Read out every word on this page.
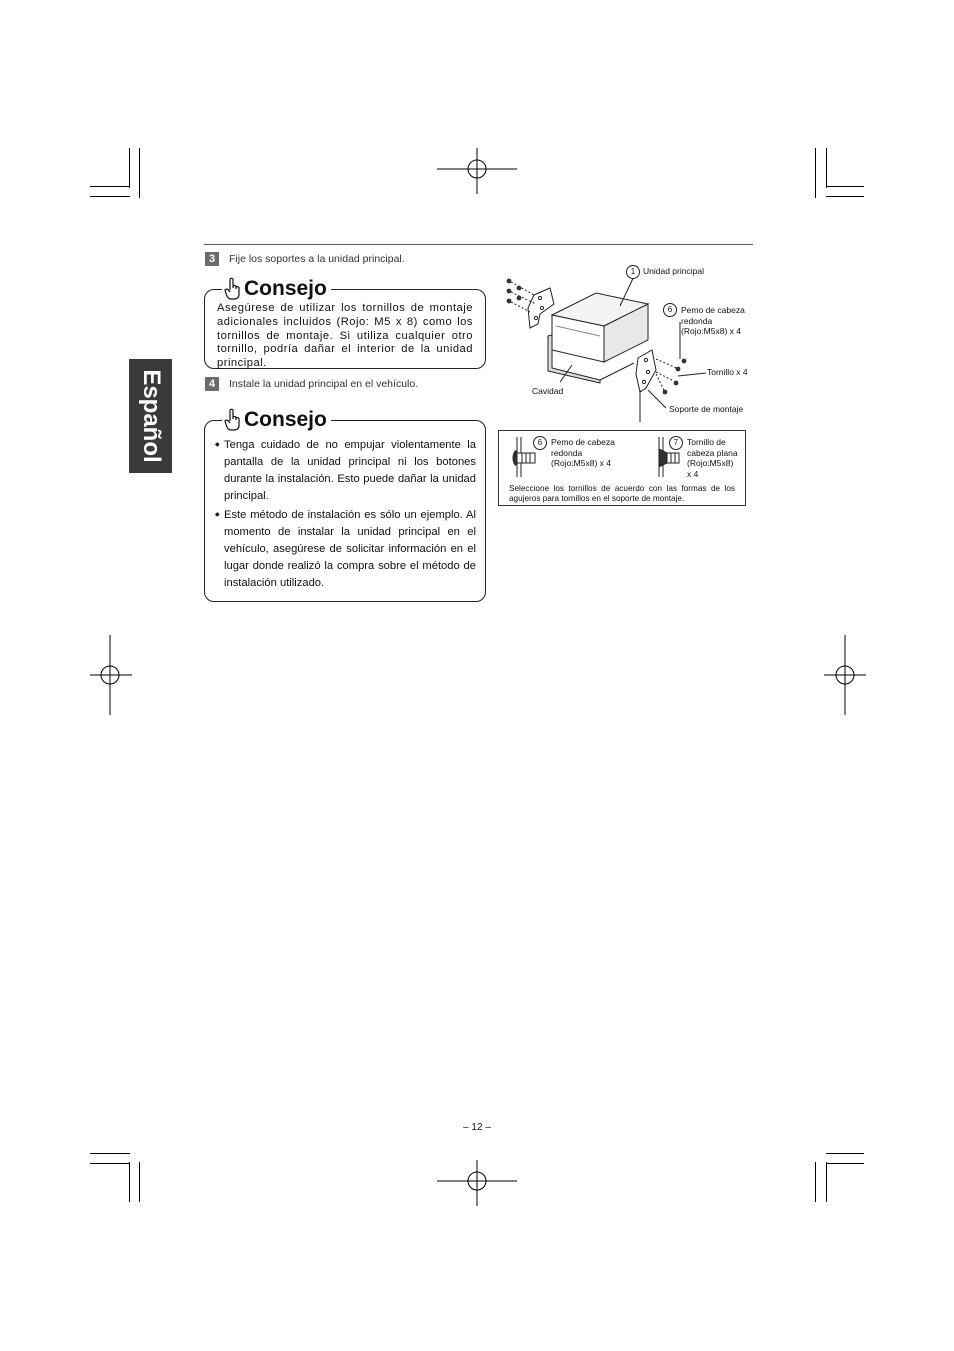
Español
3	Fije los soportes a la unidad principal.
Asegúrese de utilizar los tornillos de montaje adicionales incluidos (Rojo: M5 x 8) como los tornillos de montaje. Si utiliza cualquier otro tornillo, podría dañar el interior de la unidad principal.
Consejo
4	Instale la unidad principal en el vehículo.
◆ Tenga cuidado de no empujar violentamente la pantalla de la unidad principal ni los botones durante la instalación. Esto puede dañar la unidad principal.
◆ Este método de instalación es sólo un ejemplo. Al momento de instalar la unidad principal en el vehículo, asegúrese de solicitar información en el lugar donde realizó la compra sobre el método de instalación utilizado.
Consejo
1 Unidad principal
6	Pemo de cabeza
redonda
(Rojo:M5x8) x 4
Tornillo x 4
Cavidad
Soporte de montaje
6	Pemo de cabeza
redonda
(Rojo:M5x8) x 4
7	Tornillo de
cabeza plana
(Rojo:M5x8)
x 4
Seleccione los tornillos de acuerdo con las formas de los agujeros para tornillos en el soporte de montaje.
– 12 –
